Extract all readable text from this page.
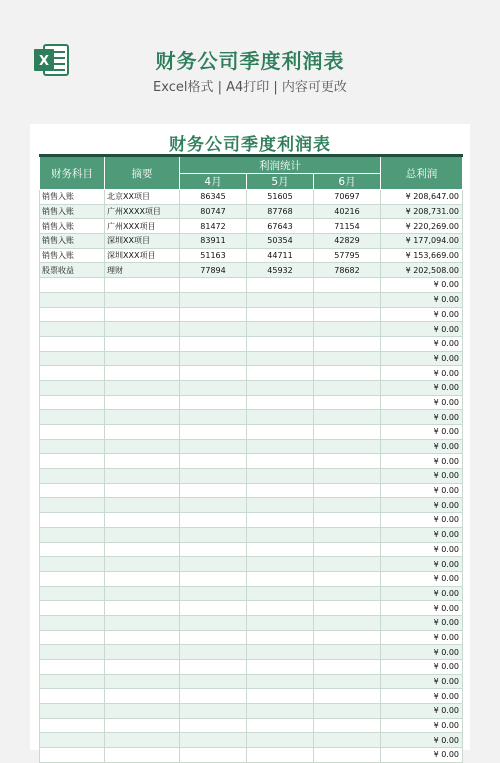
X	财务公司季度利润表
Excel格式 | A4打印 | 内容可更改
财务公司季度利润表
财务科目	摘要	利润统计			总利润
		4月	5月	6月	
销售入账	北京XX项目	86345	51605	70697	¥ 208,647.00
销售入账	广州XXXX项目	80747	87768	40216	¥ 208,731.00
销售入账	广州XXX项目	81472	67643	71154	¥ 220,269.00
销售入账	深圳XX项目	83911	50354	42829	¥ 177,094.00
销售入账	深圳XXX项目	51163	44711	57795	¥ 153,669.00
股票收益	理财	77894	45932	78682	¥ 202,508.00
					¥ 0.00
					¥ 0.00
					¥ 0.00
					¥ 0.00
					¥ 0.00
					¥ 0.00
					¥ 0.00
					¥ 0.00
					¥ 0.00
					¥ 0.00
					¥ 0.00
					¥ 0.00
					¥ 0.00
					¥ 0.00
					¥ 0.00
					¥ 0.00
					¥ 0.00
					¥ 0.00
					¥ 0.00
					¥ 0.00
					¥ 0.00
					¥ 0.00
					¥ 0.00
					¥ 0.00
					¥ 0.00
					¥ 0.00
					¥ 0.00
					¥ 0.00
					¥ 0.00
					¥ 0.00
					¥ 0.00
					¥ 0.00
					¥ 0.00
